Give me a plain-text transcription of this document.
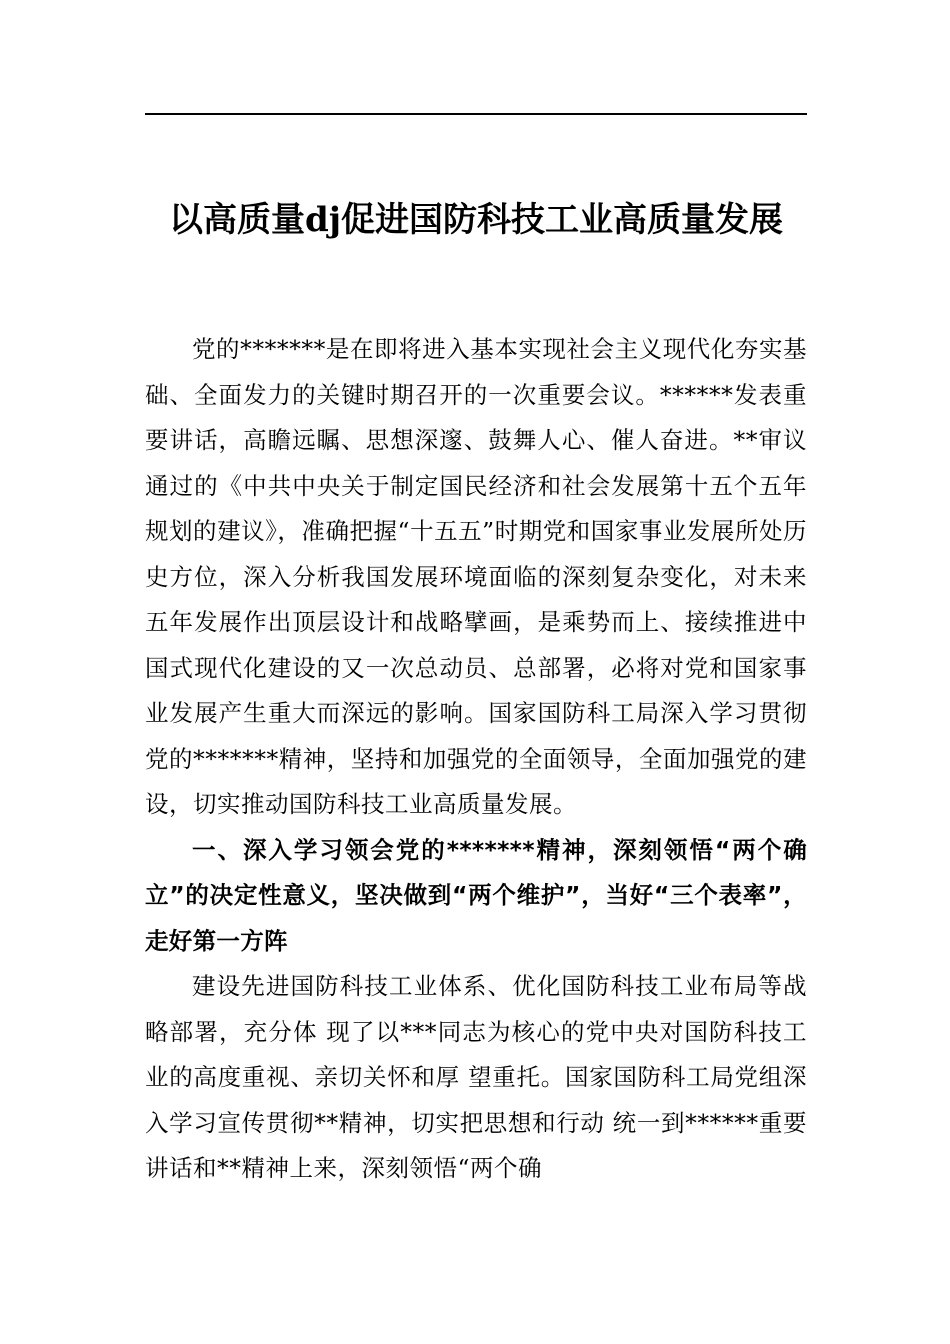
以高质量dj促进国防科技工业高质量发展

党的*******是在即将进入基本实现社会主义现代化夯实基础、全面发力的关键时期召开的一次重要会议。******发表重要讲话，高瞻远瞩、思想深邃、鼓舞人心、催人奋进。**审议通过的《中共中央关于制定国民经济和社会发展第十五个五年规划的建议》，准确把握“十五五”时期党和国家事业发展所处历史方位，深入分析我国发展环境面临的深刻复杂变化，对未来五年发展作出顶层设计和战略擘画，是乘势而上、接续推进中国式现代化建设的又一次总动员、总部署，必将对党和国家事业发展产生重大而深远的影响。国家国防科工局深入学习贯彻党的*******精神，坚持和加强党的全面领导，全面加强党的建设，切实推动国防科技工业高质量发展。

一、深入学习领会党的*******精神，深刻领悟“两个确立”的决定性意义，坚决做到“两个维护”，当好“三个表率”，走好第一方阵

建设先进国防科技工业体系、优化国防科技工业布局等战略部署，充分体 现了以***同志为核心的党中央对国防科技工业的高度重视、亲切关怀和厚 望重托。国家国防科工局党组深入学习宣传贯彻**精神，切实把思想和行动 统一到******重要讲话和**精神上来，深刻领悟“两个确
